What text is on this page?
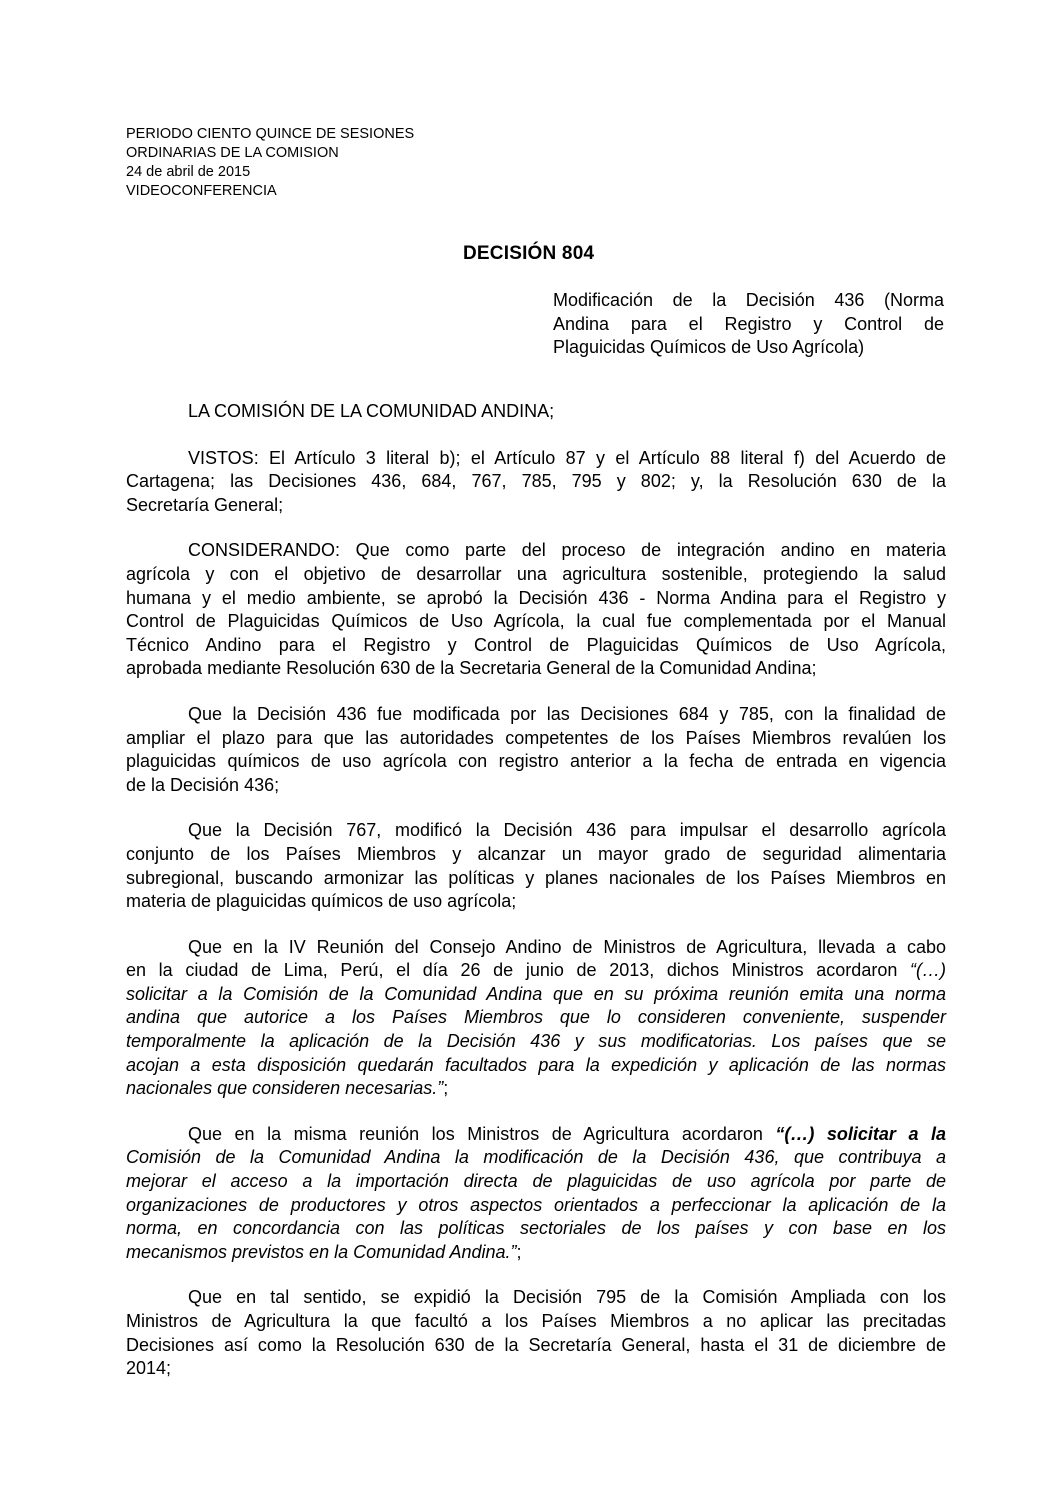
PERIODO CIENTO QUINCE DE SESIONES
ORDINARIAS DE LA COMISION
24 de abril de 2015
VIDEOCONFERENCIA
DECISIÓN 804
Modificación de la Decisión 436 (Norma
Andina para el Registro y Control de
Plaguicidas Químicos de Uso Agrícola)
LA COMISIÓN DE LA COMUNIDAD ANDINA;
VISTOS: El Artículo 3 literal b); el Artículo 87 y el Artículo 88 literal f) del Acuerdo de
Cartagena; las Decisiones 436, 684, 767, 785, 795 y 802; y, la Resolución 630 de la
Secretaría General;
CONSIDERANDO: Que como parte del proceso de integración andino en materia
agrícola y con el objetivo de desarrollar una agricultura sostenible, protegiendo la salud
humana y el medio ambiente, se aprobó la Decisión 436 - Norma Andina para el Registro y
Control de Plaguicidas Químicos de Uso Agrícola, la cual fue complementada por el Manual
Técnico Andino para el Registro y Control de Plaguicidas Químicos de Uso Agrícola,
aprobada mediante Resolución 630 de la Secretaria General de la Comunidad Andina;
Que la Decisión 436 fue modificada por las Decisiones 684 y 785, con la finalidad de
ampliar el plazo para que las autoridades competentes de los Países Miembros revalúen los
plaguicidas químicos de uso agrícola con registro anterior a la fecha de entrada en vigencia
de la Decisión 436;
Que la Decisión 767, modificó la Decisión 436 para impulsar el desarrollo agrícola
conjunto de los Países Miembros y alcanzar un mayor grado de seguridad alimentaria
subregional, buscando armonizar las políticas y planes nacionales de los Países Miembros en
materia de plaguicidas químicos de uso agrícola;
Que en la IV Reunión del Consejo Andino de Ministros de Agricultura, llevada a cabo
en la ciudad de Lima, Perú, el día 26 de junio de 2013, dichos Ministros acordaron “(…)
solicitar a la Comisión de la Comunidad Andina que en su próxima reunión emita una norma
andina que autorice a los Países Miembros que lo consideren conveniente, suspender
temporalmente la aplicación de la Decisión 436 y sus modificatorias. Los países que se
acojan a esta disposición quedarán facultados para la expedición y aplicación de las normas
nacionales que consideren necesarias.”;
Que en la misma reunión los Ministros de Agricultura acordaron “(…) solicitar a la
Comisión de la Comunidad Andina la modificación de la Decisión 436, que contribuya a
mejorar el acceso a la importación directa de plaguicidas de uso agrícola por parte de
organizaciones de productores y otros aspectos orientados a perfeccionar la aplicación de la
norma, en concordancia con las políticas sectoriales de los países y con base en los
mecanismos previstos en la Comunidad Andina.”;
Que en tal sentido, se expidió la Decisión 795 de la Comisión Ampliada con los
Ministros de Agricultura la que facultó a los Países Miembros a no aplicar las precitadas
Decisiones así como la Resolución 630 de la Secretaría General, hasta el 31 de diciembre de
2014;
